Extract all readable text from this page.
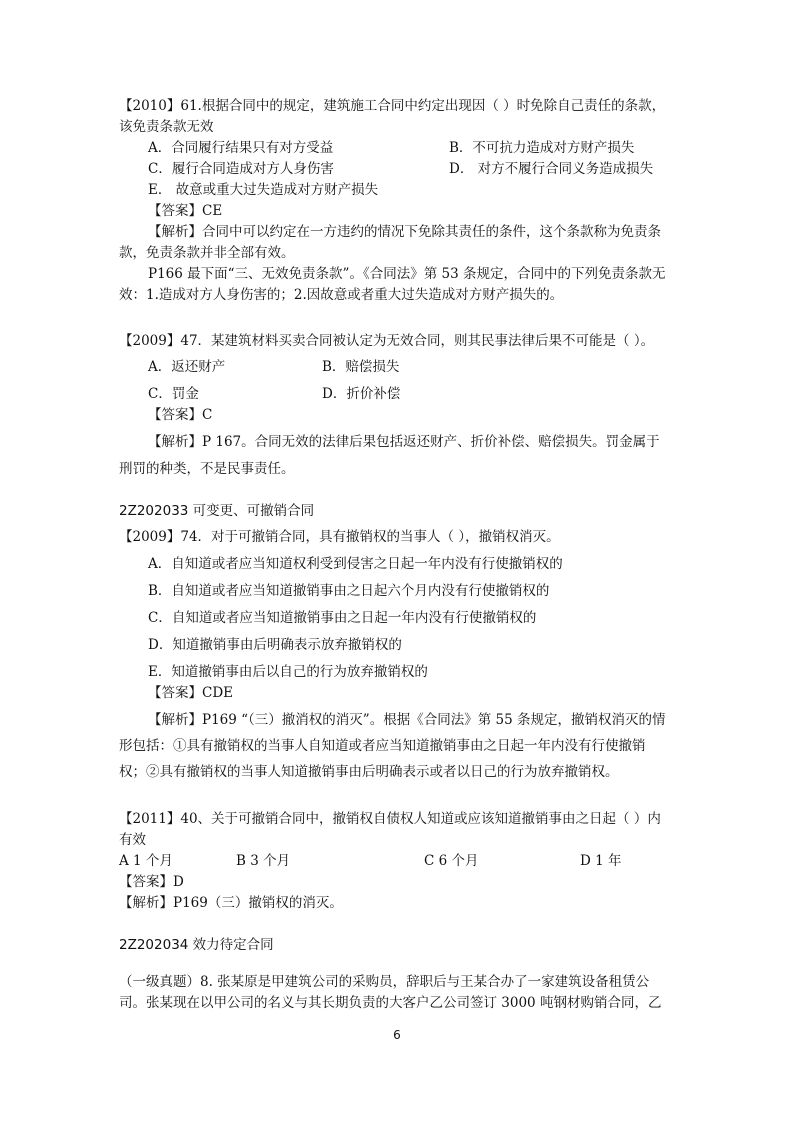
【2010】61.根据合同中的规定，建筑施工合同中约定出现因（ ）时免除自己责任的条款，
该免责条款无效
A．合同履行结果只有对方受益	B．不可抗力造成对方财产损失
C．履行合同造成对方人身伤害	D． 对方不履行合同义务造成损失
E． 故意或重大过失造成对方财产损失
【答案】CE
【解析】合同中可以约定在一方违约的情况下免除其责任的条件，这个条款称为免责条
款，免责条款并非全部有效。
P166 最下面“三、无效免责条款”。《合同法》第 53 条规定，合同中的下列免责条款无
效：1.造成对方人身伤害的；2.因故意或者重大过失造成对方财产损失的。
【2009】47．某建筑材料买卖合同被认定为无效合同，则其民事法律后果不可能是（ ）。
A．返还财产	B．赔偿损失
C．罚金	D．折价补偿
【答案】C
【解析】P 167。合同无效的法律后果包括返还财产、折价补偿、赔偿损失。罚金属于
刑罚的种类，不是民事责任。
2Z202033 可变更、可撤销合同
【2009】74．对于可撤销合同，具有撤销权的当事人（ ），撤销权消灭。
A．自知道或者应当知道权利受到侵害之日起一年内没有行使撤销权的
B．自知道或者应当知道撤销事由之日起六个月内没有行使撤销权的
C．自知道或者应当知道撤销事由之日起一年内没有行使撤销权的
D．知道撤销事由后明确表示放弃撤销权的
E．知道撤销事由后以自己的行为放弃撤销权的
【答案】CDE
【解析】P169 “（三）撤消权的消灭”。根据《合同法》第 55 条规定，撤销权消灭的情
形包括：①具有撤销权的当事人自知道或者应当知道撤销事由之日起一年内没有行使撤销
权；②具有撤销权的当事人知道撤销事由后明确表示或者以日己的行为放弃撤销权。
【2011】40、关于可撤销合同中，撤销权自债权人知道或应该知道撤销事由之日起（ ）内
有效
A 1 个月	B 3 个月	C 6 个月	D 1 年
【答案】D
【解析】P169（三）撤销权的消灭。
2Z202034 效力待定合同
（一级真题）8. 张某原是甲建筑公司的采购员，辞职后与王某合办了一家建筑设备租赁公
司。张某现在以甲公司的名义与其长期负责的大客户乙公司签订 3000 吨钢材购销合同，乙
6
